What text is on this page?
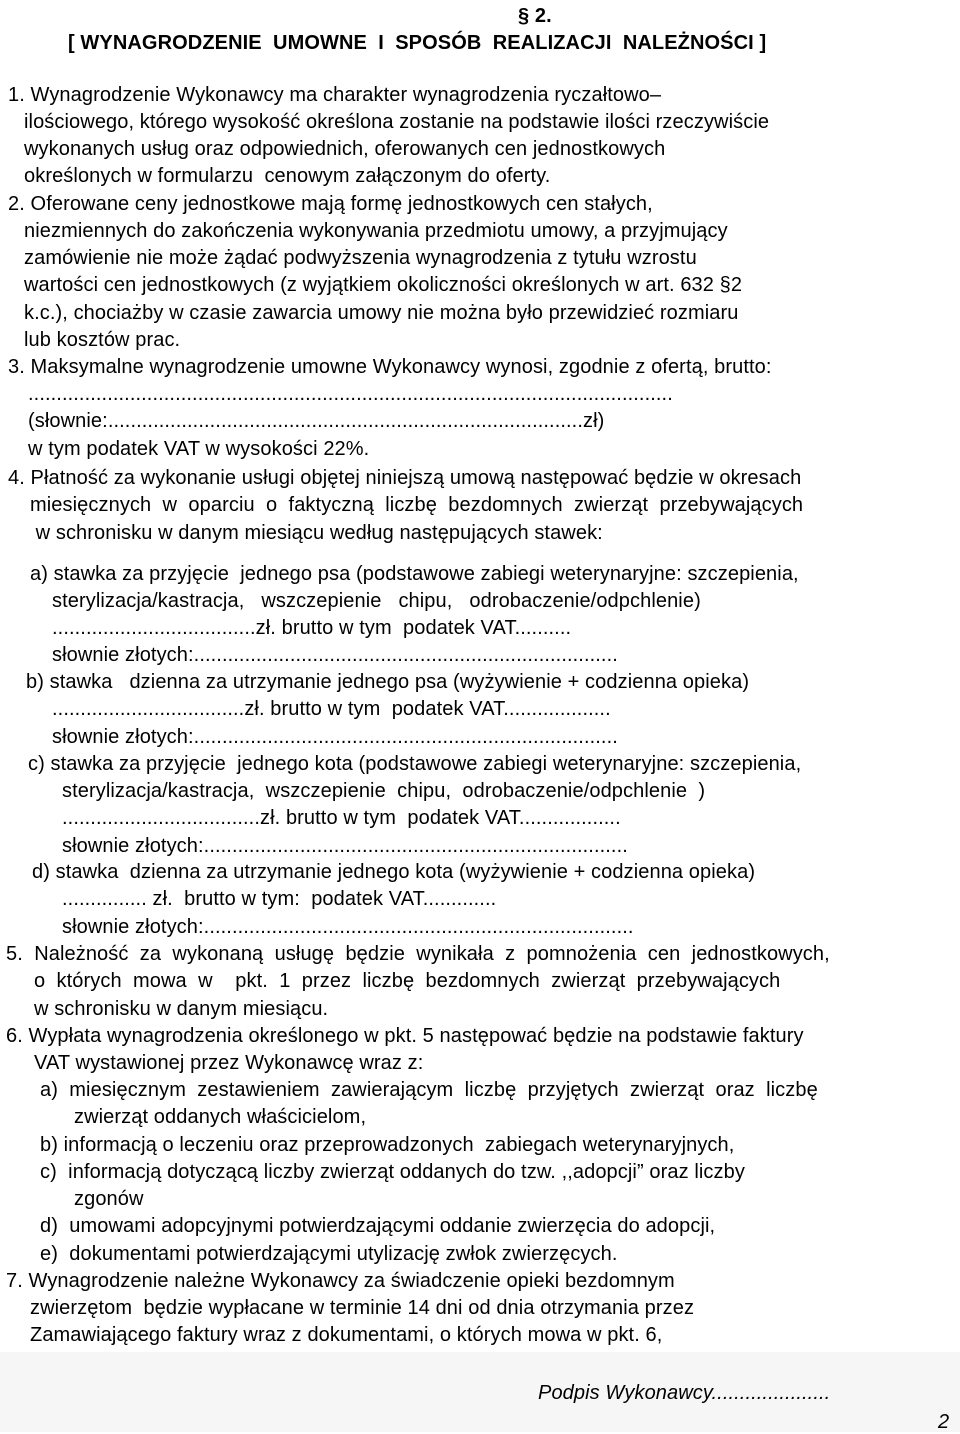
§ 2.
[ WYNAGRODZENIE  UMOWNE  I  SPOSÓB  REALIZACJI  NALEŻNOŚCI ]
1. Wynagrodzenie Wykonawcy ma charakter wynagrodzenia ryczałtowo–
ilościowego, którego wysokość określona zostanie na podstawie ilości rzeczywiście
wykonanych usług oraz odpowiednich, oferowanych cen jednostkowych
określonych w formularzu  cenowym załączonym do oferty.
2. Oferowane ceny jednostkowe mają formę jednostkowych cen stałych,
niezmiennych do zakończenia wykonywania przedmiotu umowy, a przyjmujący
zamówienie nie może żądać podwyższenia wynagrodzenia z tytułu wzrostu
wartości cen jednostkowych (z wyjątkiem okoliczności określonych w art. 632 §2
k.c.), chociażby w czasie zawarcia umowy nie można było przewidzieć rozmiaru
lub kosztów prac.
3. Maksymalne wynagrodzenie umowne Wykonawcy wynosi, zgodnie z ofertą, brutto:
..................................................................................................................
(słownie:....................................................................................zł)
w tym podatek VAT w wysokości 22%.
4. Płatność za wykonanie usługi objętej niniejszą umową następować będzie w okresach
miesięcznych  w  oparciu  o  faktyczną  liczbę  bezdomnych  zwierząt  przebywających
w schronisku w danym miesiącu według następujących stawek:
a) stawka za przyjęcie  jednego psa (podstawowe zabiegi weterynaryjne: szczepienia,
sterylizacja/kastracja,   wszczepienie   chipu,   odrobaczenie/odpchlenie)
....................................zł. brutto w tym  podatek VAT..........
słownie złotych:...........................................................................
b) stawka   dzienna za utrzymanie jednego psa (wyżywienie + codzienna opieka)
..................................zł. brutto w tym  podatek VAT...................
słownie złotych:...........................................................................
c) stawka za przyjęcie  jednego kota (podstawowe zabiegi weterynaryjne: szczepienia,
sterylizacja/kastracja,  wszczepienie  chipu,  odrobaczenie/odpchlenie  )
...................................zł. brutto w tym  podatek VAT..................
słownie złotych:...........................................................................
d) stawka  dzienna za utrzymanie jednego kota (wyżywienie + codzienna opieka)
............... zł.  brutto w tym:  podatek VAT.............
słownie złotych:............................................................................
5.  Należność  za  wykonaną  usługę  będzie  wynikała  z  pomnożenia  cen  jednostkowych,
o  których  mowa  w    pkt.  1  przez  liczbę  bezdomnych  zwierząt  przebywających
w schronisku w danym miesiącu.
6. Wypłata wynagrodzenia określonego w pkt. 5 następować będzie na podstawie faktury
VAT wystawionej przez Wykonawcę wraz z:
a)  miesięcznym  zestawieniem  zawierającym  liczbę  przyjętych  zwierząt  oraz  liczbę
zwierząt oddanych właścicielom,
b) informacją o leczeniu oraz przeprowadzonych  zabiegach weterynaryjnych,
c)  informacją dotyczącą liczby zwierząt oddanych do tzw. ,,adopcji” oraz liczby
zgonów
d)  umowami adopcyjnymi potwierdzającymi oddanie zwierzęcia do adopcji,
e)  dokumentami potwierdzającymi utylizację zwłok zwierzęcych.
7. Wynagrodzenie należne Wykonawcy za świadczenie opieki bezdomnym
zwierzętom  będzie wypłacane w terminie 14 dni od dnia otrzymania przez
Zamawiającego faktury wraz z dokumentami, o których mowa w pkt. 6,
Podpis Wykonawcy.....................
2
